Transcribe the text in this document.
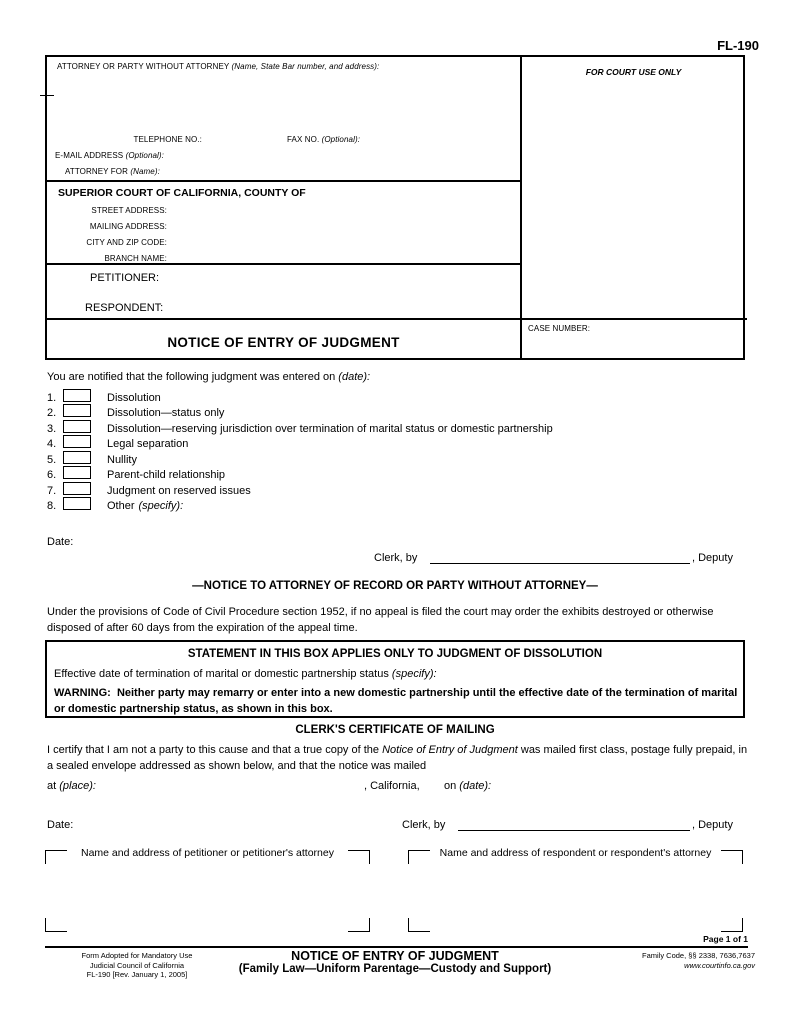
FL-190
ATTORNEY OR PARTY WITHOUT ATTORNEY (Name, State Bar number, and address):
TELEPHONE NO.:	FAX NO. (Optional):
E-MAIL ADDRESS (Optional):
ATTORNEY FOR (Name):
SUPERIOR COURT OF CALIFORNIA, COUNTY OF
STREET ADDRESS:
MAILING ADDRESS:
CITY AND ZIP CODE:
BRANCH NAME:
PETITIONER:
RESPONDENT:
NOTICE OF ENTRY OF JUDGMENT
FOR COURT USE ONLY
CASE NUMBER:
You are notified that the following judgment was entered on (date):
1.	Dissolution
2.	Dissolution—status only
3.	Dissolution—reserving jurisdiction over termination of marital status or domestic partnership
4.	Legal separation
5.	Nullity
6.	Parent-child relationship
7.	Judgment on reserved issues
8.	Other (specify):
Date:
Clerk, by	, Deputy
—NOTICE TO ATTORNEY OF RECORD OR PARTY WITHOUT ATTORNEY—
Under the provisions of Code of Civil Procedure section 1952, if no appeal is filed the court may order the exhibits destroyed or otherwise disposed of after 60 days from the expiration of the appeal time.
STATEMENT IN THIS BOX APPLIES ONLY TO JUDGMENT OF DISSOLUTION
Effective date of termination of marital or domestic partnership status (specify):
WARNING:  Neither party may remarry or enter into a new domestic partnership until the effective date of the termination of marital or domestic partnership status, as shown in this box.
CLERK'S CERTIFICATE OF MAILING
I certify that I am not a party to this cause and that a true copy of the Notice of Entry of Judgment was mailed first class, postage fully prepaid, in a sealed envelope addressed as shown below, and that the notice was mailed
at (place):	, California, on (date):
Date:	Clerk, by	, Deputy
Name and address of petitioner or petitioner's attorney	Name and address of respondent or respondent's attorney
Page 1 of 1
Form Adopted for Mandatory Use
Judicial Council of California
FL-190 [Rev. January 1, 2005]
NOTICE OF ENTRY OF JUDGMENT
(Family Law—Uniform Parentage—Custody and Support)
Family Code, §§ 2338, 7636,7637
www.courtinfo.ca.gov
